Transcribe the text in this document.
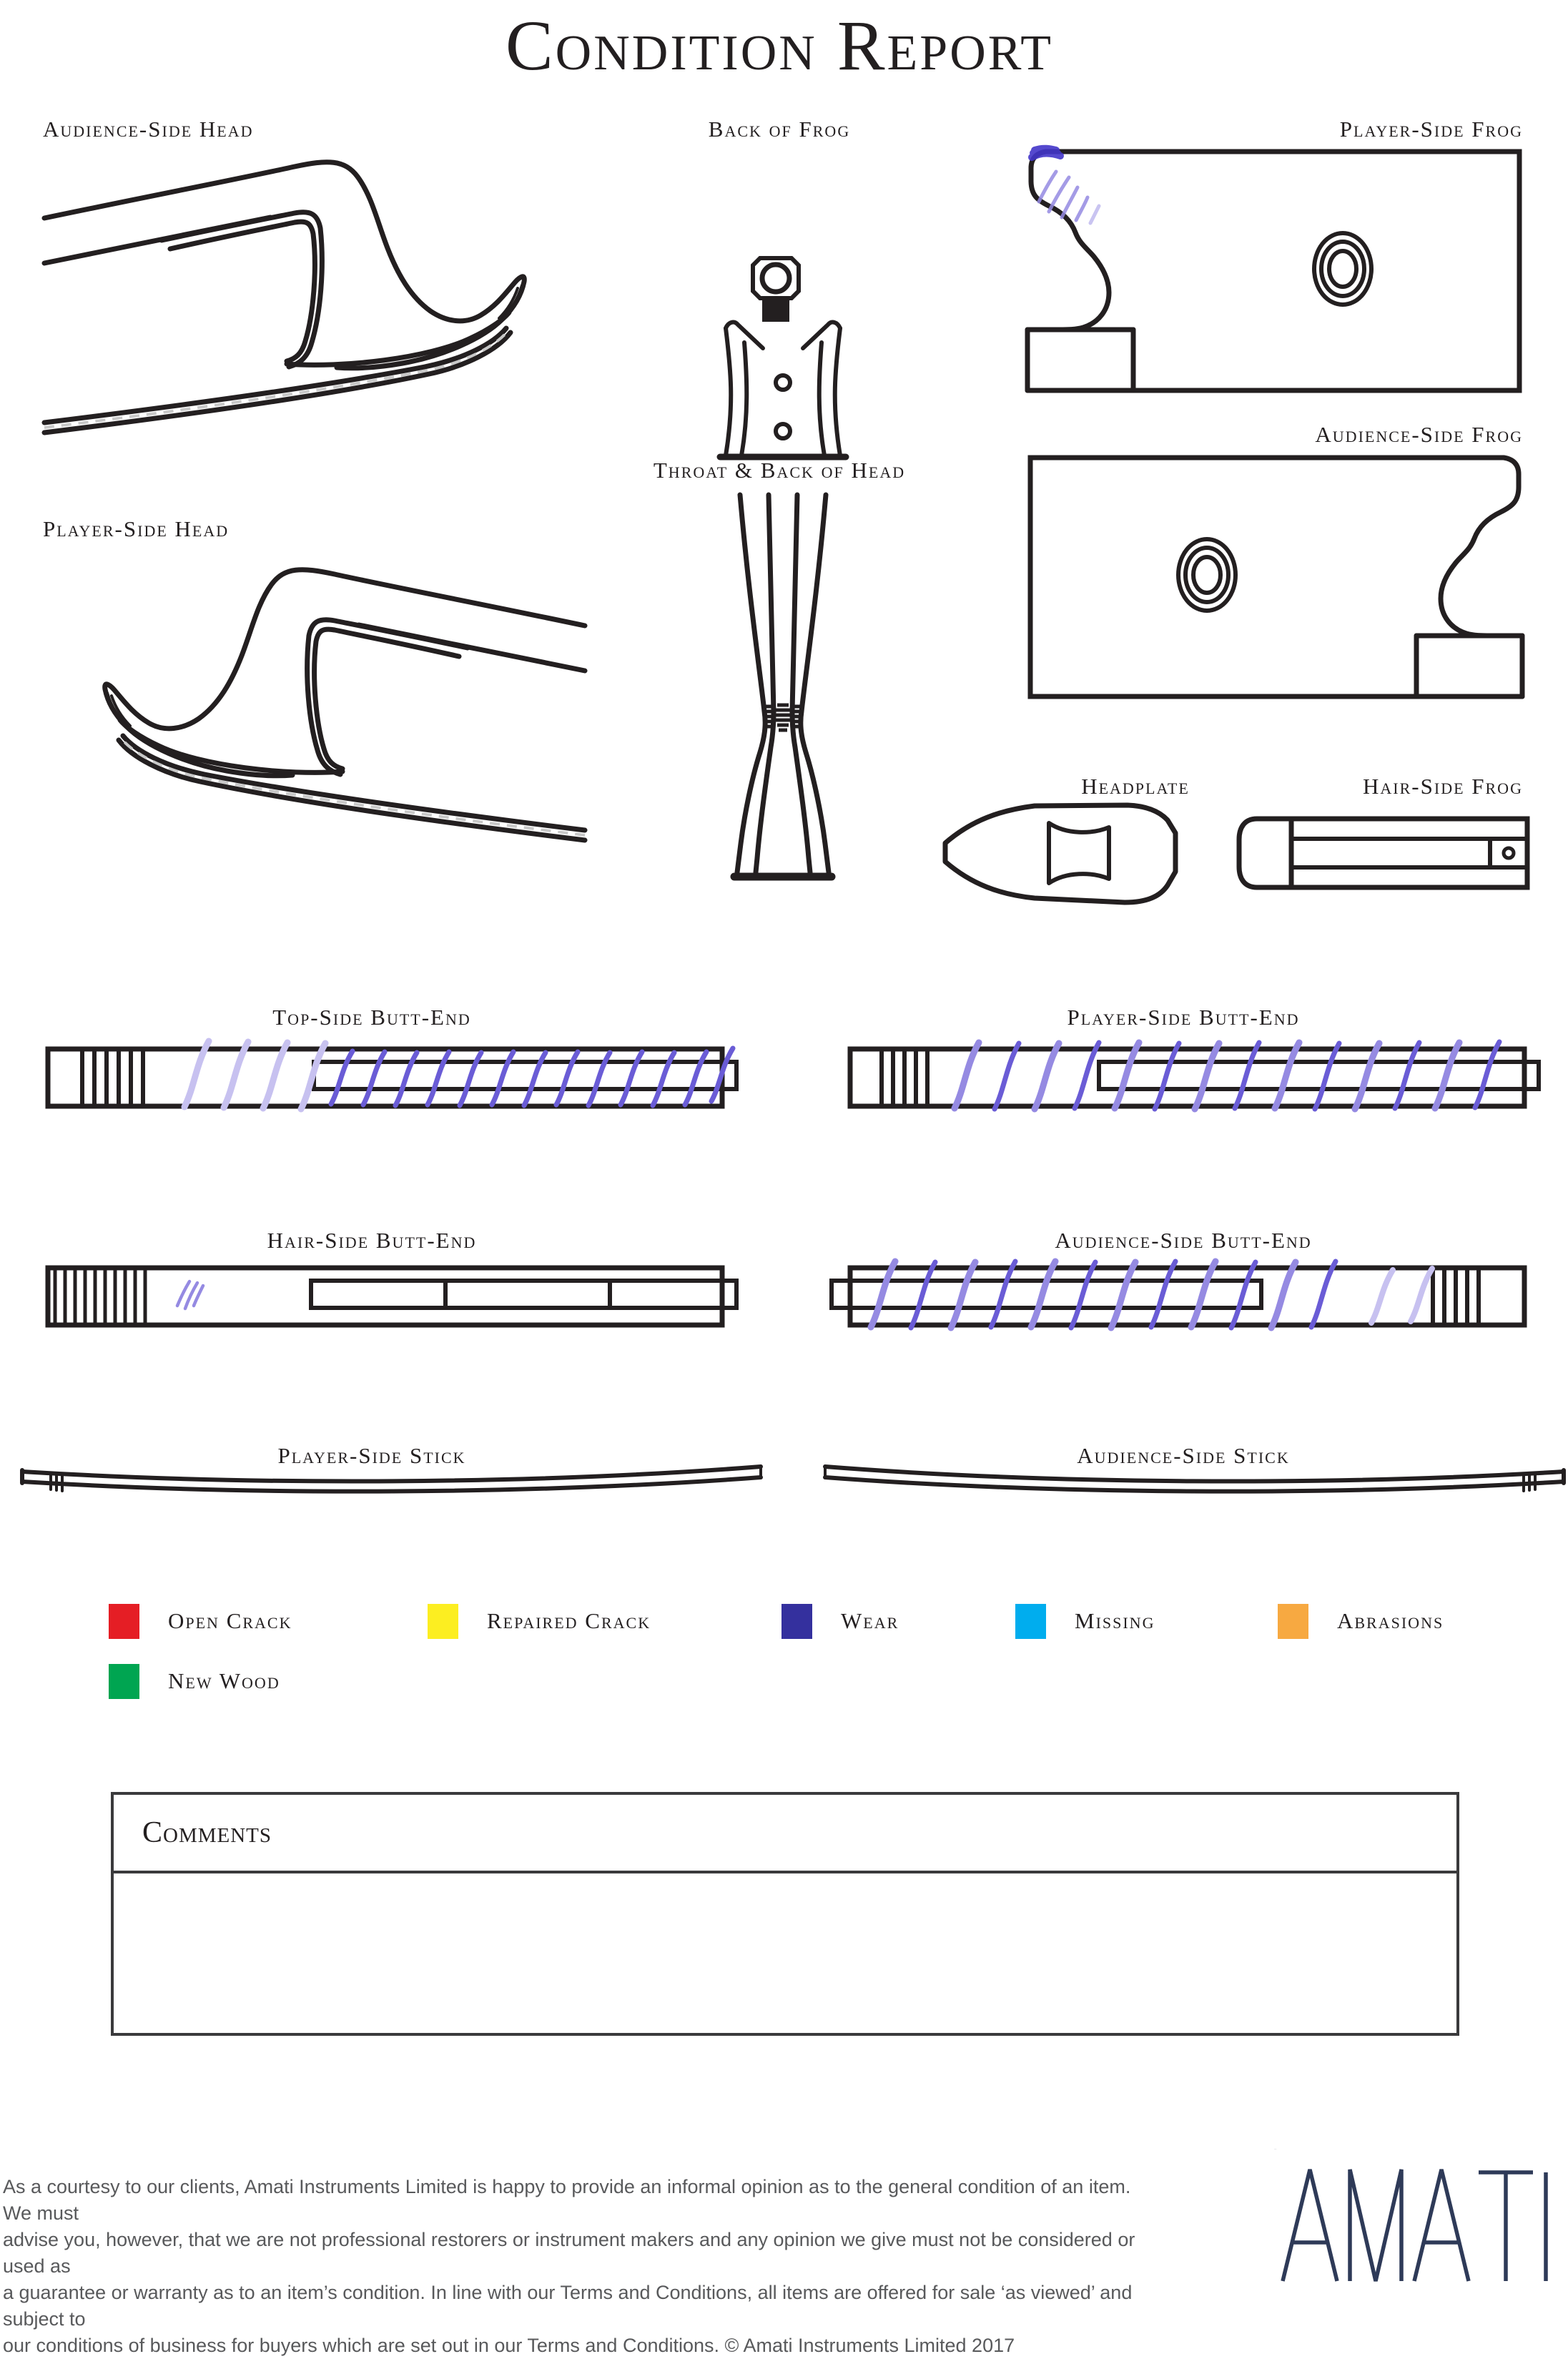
Condition Report
Audience-Side Head	Back of Frog	Player-Side Frog
Audience-Side Frog
Throat & Back of Head
Player-Side Head
Headplate	Hair-Side Frog
Top-Side Butt-End	Player-Side Butt-End
Hair-Side Butt-End	Audience-Side Butt-End
Player-Side Stick	Audience-Side Stick
Open Crack	Repaired Crack	Wear	Missing	Abrasions
New Wood
Comments
As a courtesy to our clients, Amati Instruments Limited is happy to provide an informal opinion as to the general condition of an item. We must
advise you, however, that we are not professional restorers or instrument makers and any opinion we give must not be considered or used as
a guarantee or warranty as to an item’s condition. In line with our Terms and Conditions, all items are offered for sale ‘as viewed’ and subject to
our conditions of business for buyers which are set out in our Terms and Conditions. © Amati Instruments Limited 2017
AMATI
